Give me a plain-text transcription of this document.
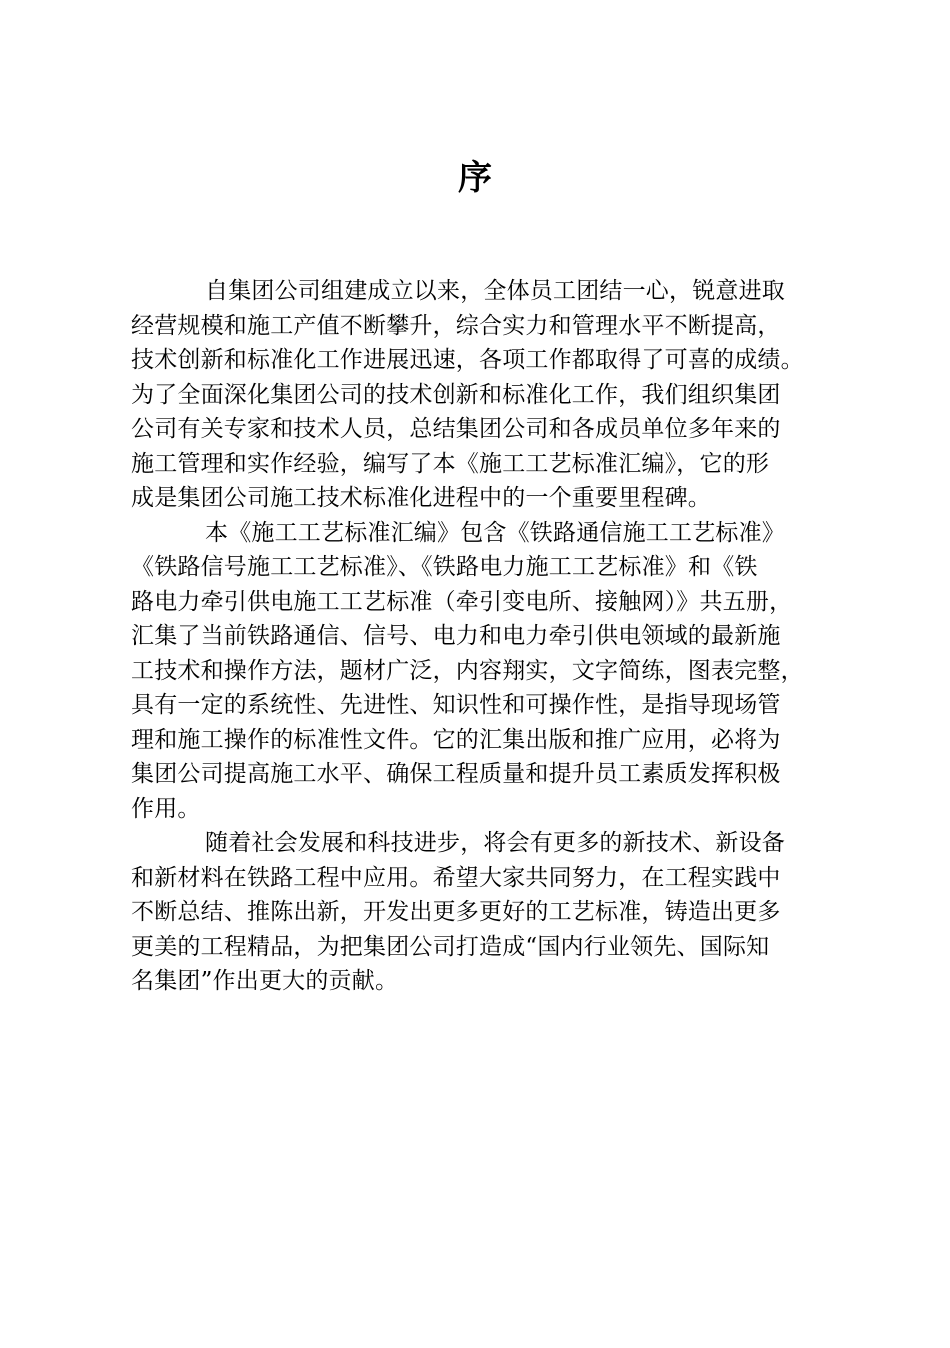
序
自集团公司组建成立以来，全体员工团结一心，锐意进取
经营规模和施工产值不断攀升，综合实力和管理水平不断提高，
技术创新和标准化工作进展迅速，各项工作都取得了可喜的成绩。
为了全面深化集团公司的技术创新和标准化工作，我们组织集团
公司有关专家和技术人员，总结集团公司和各成员单位多年来的
施工管理和实作经验，编写了本《施工工艺标准汇编》，它的形
成是集团公司施工技术标准化进程中的一个重要里程碑。
本《施工工艺标准汇编》包含《铁路通信施工工艺标准》
《铁路信号施工工艺标准》、《铁路电力施工工艺标准》和《铁
路电力牵引供电施工工艺标准（牵引变电所、接触网）》共五册，
汇集了当前铁路通信、信号、电力和电力牵引供电领域的最新施
工技术和操作方法，题材广泛，内容翔实，文字简练，图表完整，
具有一定的系统性、先进性、知识性和可操作性，是指导现场管
理和施工操作的标准性文件。它的汇集出版和推广应用，必将为
集团公司提高施工水平、确保工程质量和提升员工素质发挥积极
作用。
随着社会发展和科技进步，将会有更多的新技术、新设备
和新材料在铁路工程中应用。希望大家共同努力，在工程实践中
不断总结、推陈出新，开发出更多更好的工艺标准，铸造出更多
更美的工程精品，为把集团公司打造成“国内行业领先、国际知
名集团”作出更大的贡献。
